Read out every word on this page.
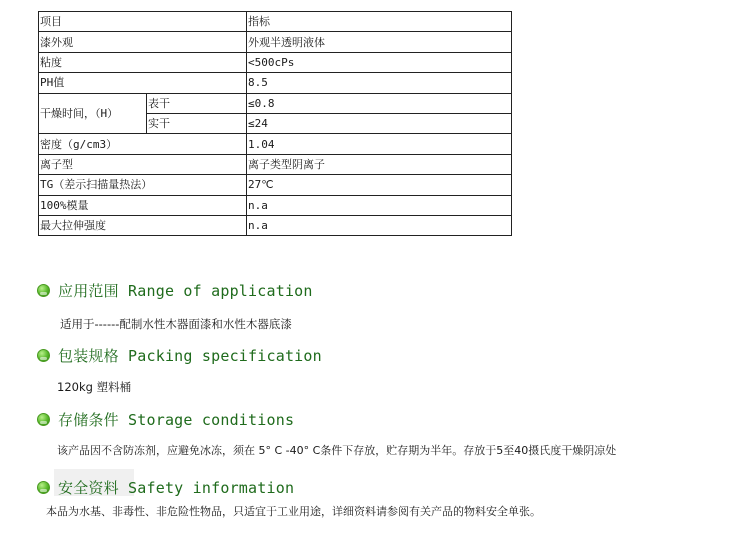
项目		指标
漆外观		外观半透明液体
粘度		<500cPs
PH值		8.5
干燥时间，（H）	表干	≤0.8
	实干	≤24
密度（g/cm3）		1.04
离子型		离子类型阴离子
TG（差示扫描量热法）		27℃
100%模量		n.a
最大拉伸强度		n.a
应用范围 Range of application
适用于------配制水性木器面漆和水性木器底漆
包装规格 Packing specification
120kg 塑料桶
存储条件 Storage conditions
该产品因不含防冻剂，应避免冰冻，须在 5° C -40° C条件下存放，贮存期为半年。存放于5至40摄氏度干燥阴凉处
安全资料 Safety information
本品为水基、非毒性、非危险性物品，只适宜于工业用途，详细资料请参阅有关产品的物料安全单张。
